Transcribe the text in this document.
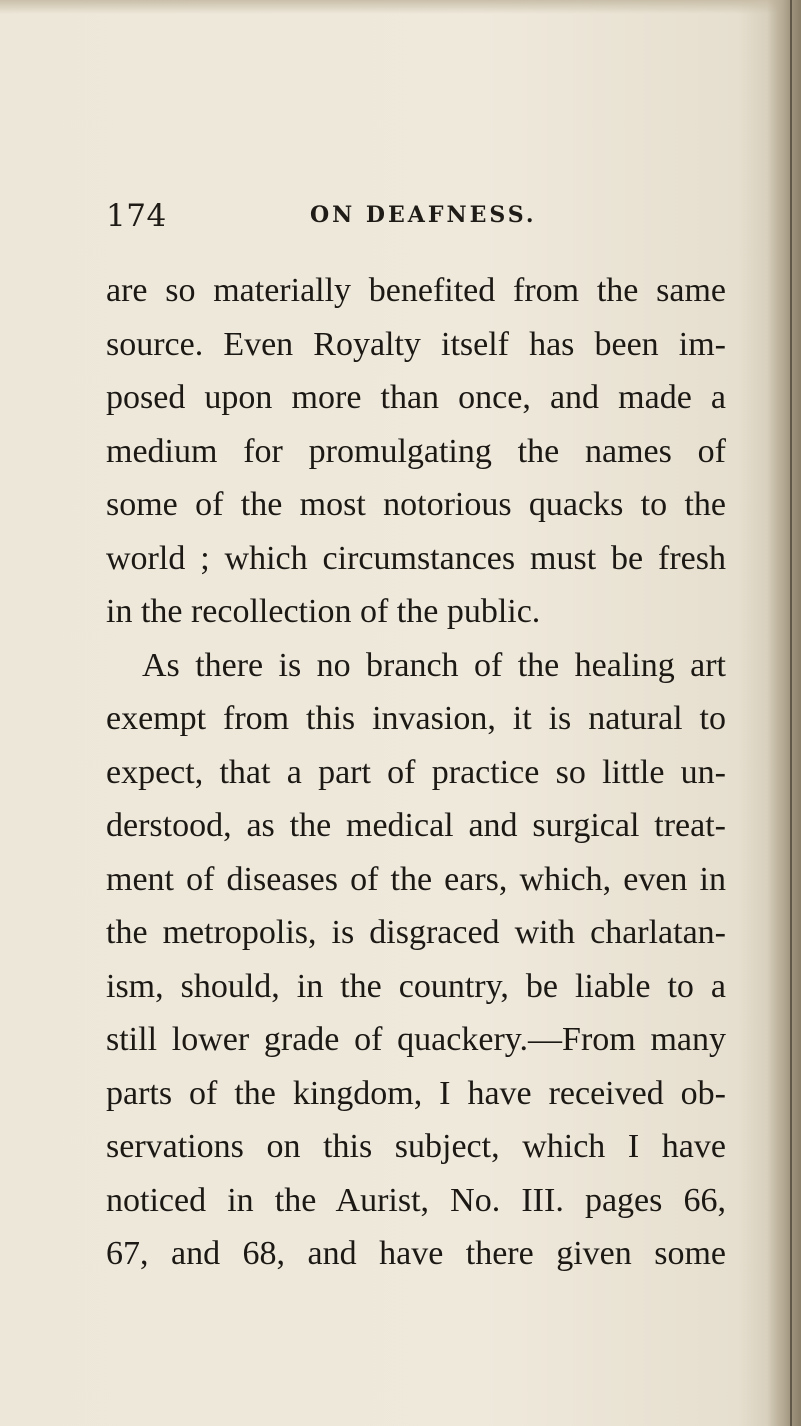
174	ON DEAFNESS.
are so materially benefited from the same
source. Even Royalty itself has been im-
posed upon more than once, and made a
medium for promulgating the names of
some of the most notorious quacks to the
world ; which circumstances must be fresh
in the recollection of the public.
As there is no branch of the healing art
exempt from this invasion, it is natural to
expect, that a part of practice so little un-
derstood, as the medical and surgical treat-
ment of diseases of the ears, which, even in
the metropolis, is disgraced with charlatan-
ism, should, in the country, be liable to a
still lower grade of quackery.—From many
parts of the kingdom, I have received ob-
servations on this subject, which I have
noticed in the Aurist, No. III. pages 66,
67, and 68, and have there given some
